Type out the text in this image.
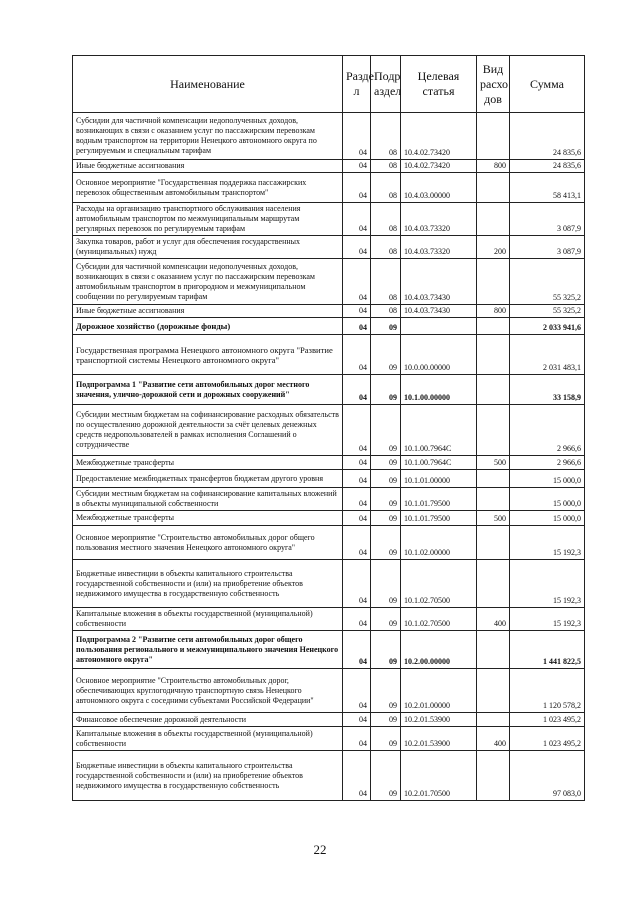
Наименование	Разде л	Подр аздел	Целевая статья	Вид расхо дов	Сумма
Субсидии для частичной компенсации недополученных доходов, возникающих в связи с оказанием услуг по пассажирским перевозкам водным транспортом на территории Ненецкого автономного округа по регулируемым и специальным тарифам	04	08	10.4.02.73420		24 835,6
Иные бюджетные ассигнования	04	08	10.4.02.73420	800	24 835,6
Основное мероприятие "Государственная поддержка пассажирских перевозок общественным автомобильным транспортом"	04	08	10.4.03.00000		58 413,1
Расходы на организацию транспортного обслуживания населения автомобильным транспортом по межмуниципальным маршрутам регулярных перевозок по регулируемым тарифам	04	08	10.4.03.73320		3 087,9
Закупка товаров, работ и услуг для обеспечения государственных (муниципальных) нужд	04	08	10.4.03.73320	200	3 087,9
Субсидии для частичной компенсации недополученных доходов, возникающих в связи с оказанием услуг по пассажирским перевозкам автомобильным транспортом в пригородном и межмуниципальном сообщении по регулируемым тарифам	04	08	10.4.03.73430		55 325,2
Иные бюджетные ассигнования	04	08	10.4.03.73430	800	55 325,2
Дорожное хозяйство (дорожные фонды)	04	09			2 033 941,6
Государственная программа Ненецкого автономного округа "Развитие транспортной системы Ненецкого автономного округа"	04	09	10.0.00.00000		2 031 483,1
Подпрограмма 1 "Развитие сети автомобильных дорог местного значения, улично-дорожной сети и дорожных сооружений"	04	09	10.1.00.00000		33 158,9
Субсидии местным бюджетам на софинансирование расходных обязательств по осуществлению дорожной деятельности за счёт целевых денежных средств недропользователей в рамках исполнения Соглашений о сотрудничестве	04	09	10.1.00.7964C		2 966,6
Межбюджетные трансферты	04	09	10.1.00.7964C	500	2 966,6
Предоставление межбюджетных трансфертов бюджетам другого уровня	04	09	10.1.01.00000		15 000,0
Субсидии местным бюджетам на софинансирование капитальных вложений в объекты муниципальной собственности	04	09	10.1.01.79500		15 000,0
Межбюджетные трансферты	04	09	10.1.01.79500	500	15 000,0
Основное мероприятие "Строительство автомобильных дорог общего пользования местного значения Ненецкого автономного округа"	04	09	10.1.02.00000		15 192,3
Бюджетные инвестиции в объекты капитального строительства государственной собственности и (или) на приобретение объектов недвижимого имущества в государственную собственность	04	09	10.1.02.70500		15 192,3
Капитальные вложения в объекты государственной (муниципальной) собственности	04	09	10.1.02.70500	400	15 192,3
Подпрограмма 2 "Развитие сети автомобильных дорог общего пользования регионального и межмуниципального значения Ненецкого автономного округа"	04	09	10.2.00.00000		1 441 822,5
Основное мероприятие "Строительство автомобильных дорог, обеспечивающих круглогодичную транспортную связь Ненецкого автономного округа с соседними субъектами Российской Федерации"	04	09	10.2.01.00000		1 120 578,2
Финансовое обеспечение дорожной деятельности	04	09	10.2.01.53900		1 023 495,2
Капитальные вложения в объекты государственной (муниципальной) собственности	04	09	10.2.01.53900	400	1 023 495,2
Бюджетные инвестиции в объекты капитального строительства государственной собственности и (или) на приобретение объектов недвижимого имущества в государственную собственность	04	09	10.2.01.70500		97 083,0
22
